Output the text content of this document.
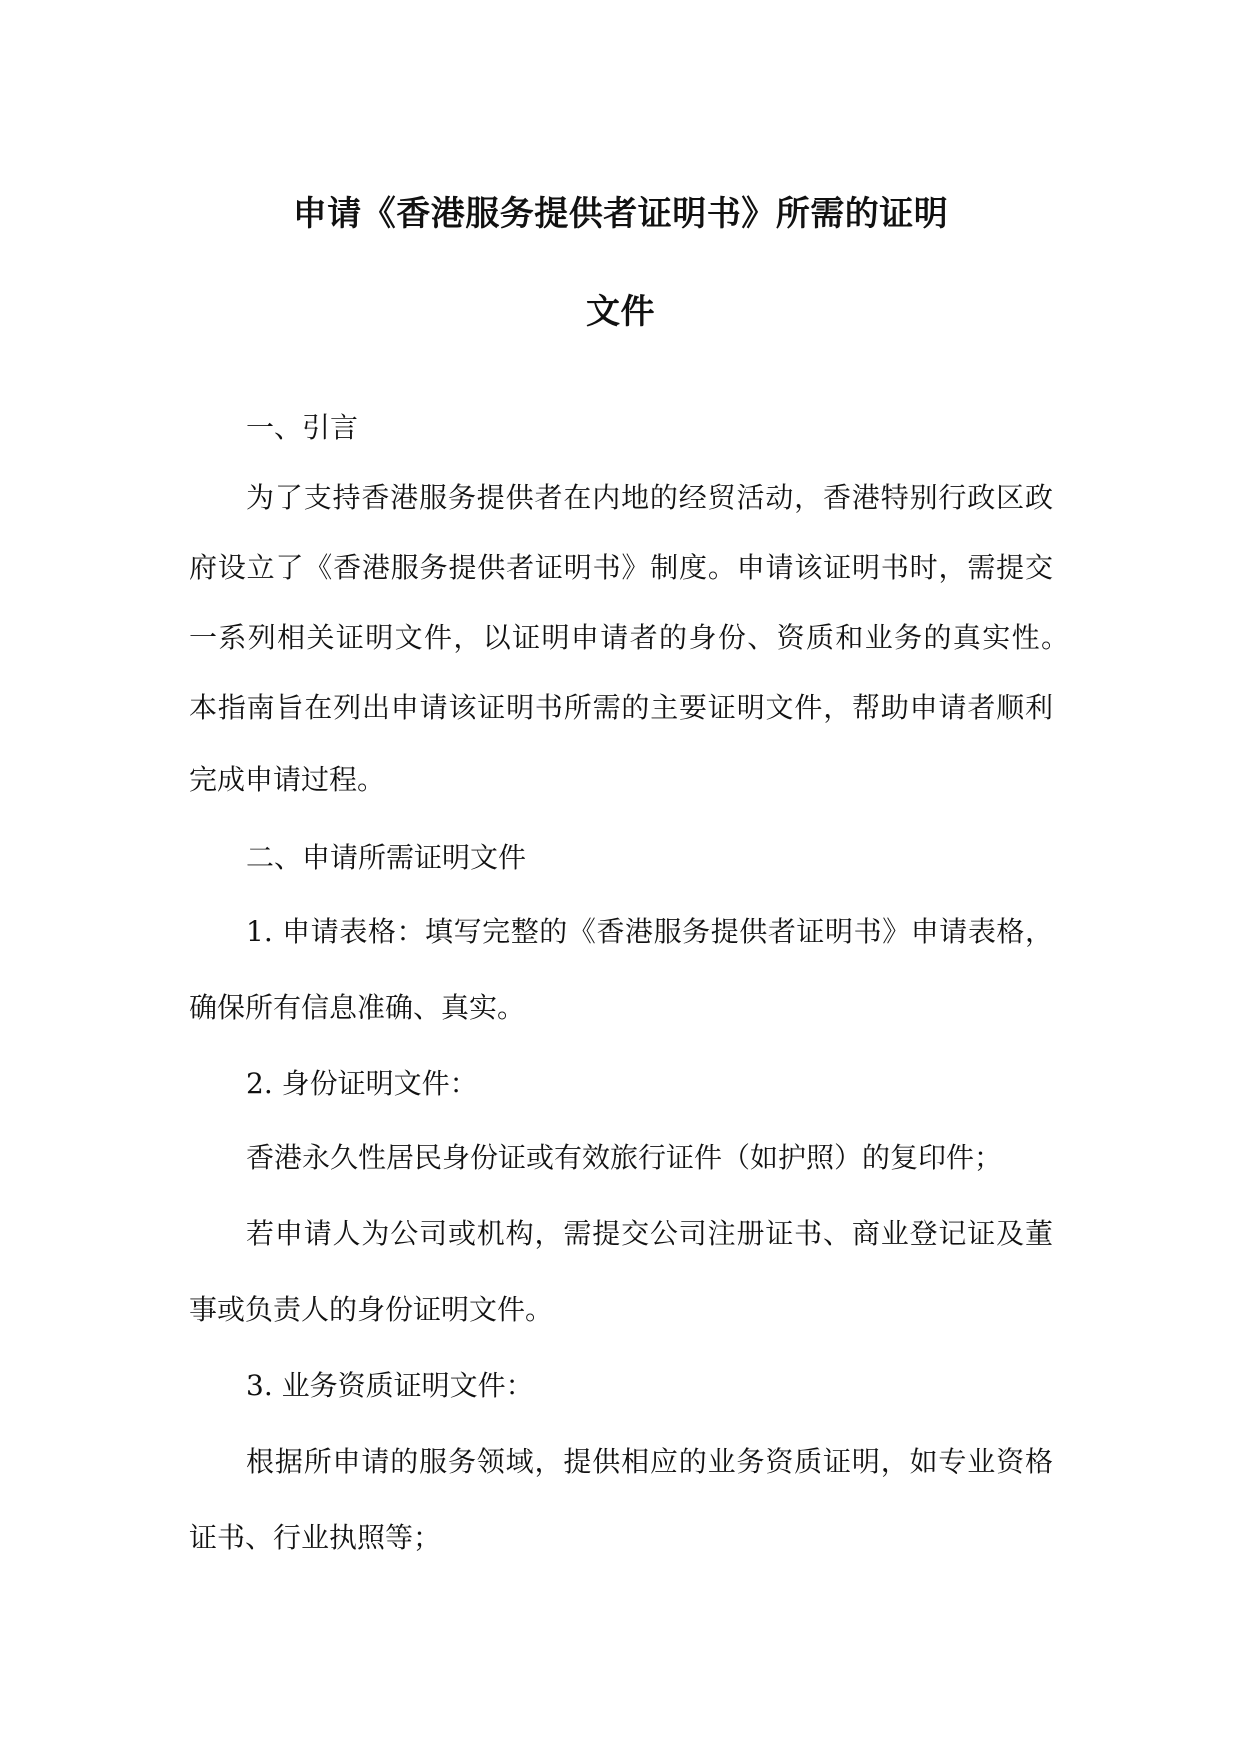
申请《香港服务提供者证明书》所需的证明
文件

一、引言

为了支持香港服务提供者在内地的经贸活动，香港特别行政区政

府设立了《香港服务提供者证明书》制度。申请该证明书时，需提交

一系列相关证明文件，以证明申请者的身份、资质和业务的真实性。

本指南旨在列出申请该证明书所需的主要证明文件，帮助申请者顺利

完成申请过程。

二、申请所需证明文件

1. 申请表格：填写完整的《香港服务提供者证明书》申请表格，

确保所有信息准确、真实。

2. 身份证明文件：

香港永久性居民身份证或有效旅行证件（如护照）的复印件；

若申请人为公司或机构，需提交公司注册证书、商业登记证及董

事或负责人的身份证明文件。

3. 业务资质证明文件：

根据所申请的服务领域，提供相应的业务资质证明，如专业资格

证书、行业执照等；
